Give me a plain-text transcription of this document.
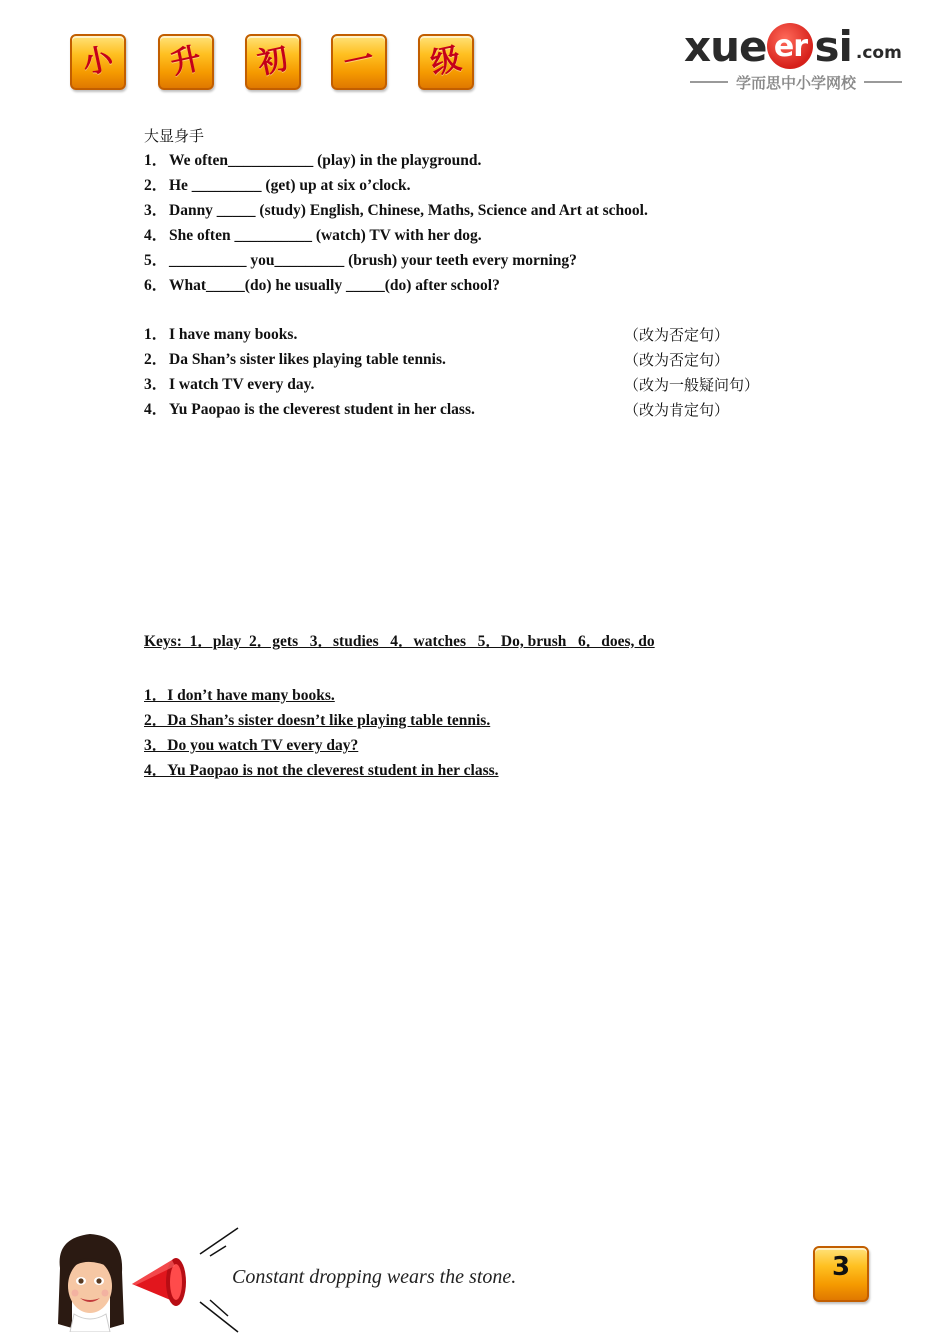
小 升 初 一 级	xue er si .com
学而思中小学网校
大显身手
1． We often___________ (play) in the playground.
2． He _________ (get) up at six o’clock.
3． Danny _____ (study) English, Chinese, Maths, Science and Art at school.
4． She often __________ (watch) TV with her dog.
5． __________ you_________ (brush) your teeth every morning?
6． What_____(do) he usually _____(do) after school?
1． I have many books.	（改为否定句）
2． Da Shan’s sister likes playing table tennis.	（改为否定句）
3． I watch TV every day.	（改为一般疑问句）
4． Yu Paopao is the cleverest student in her class.	（改为肯定句）
Keys:  1．play  2．gets   3．studies   4．watches   5．Do, brush   6．does, do
1．I don’t have many books.
2．Da Shan’s sister doesn’t like playing table tennis.
3．Do you watch TV every day?
4．Yu Paopao is not the cleverest student in her class.
Constant dropping wears the stone.	3
